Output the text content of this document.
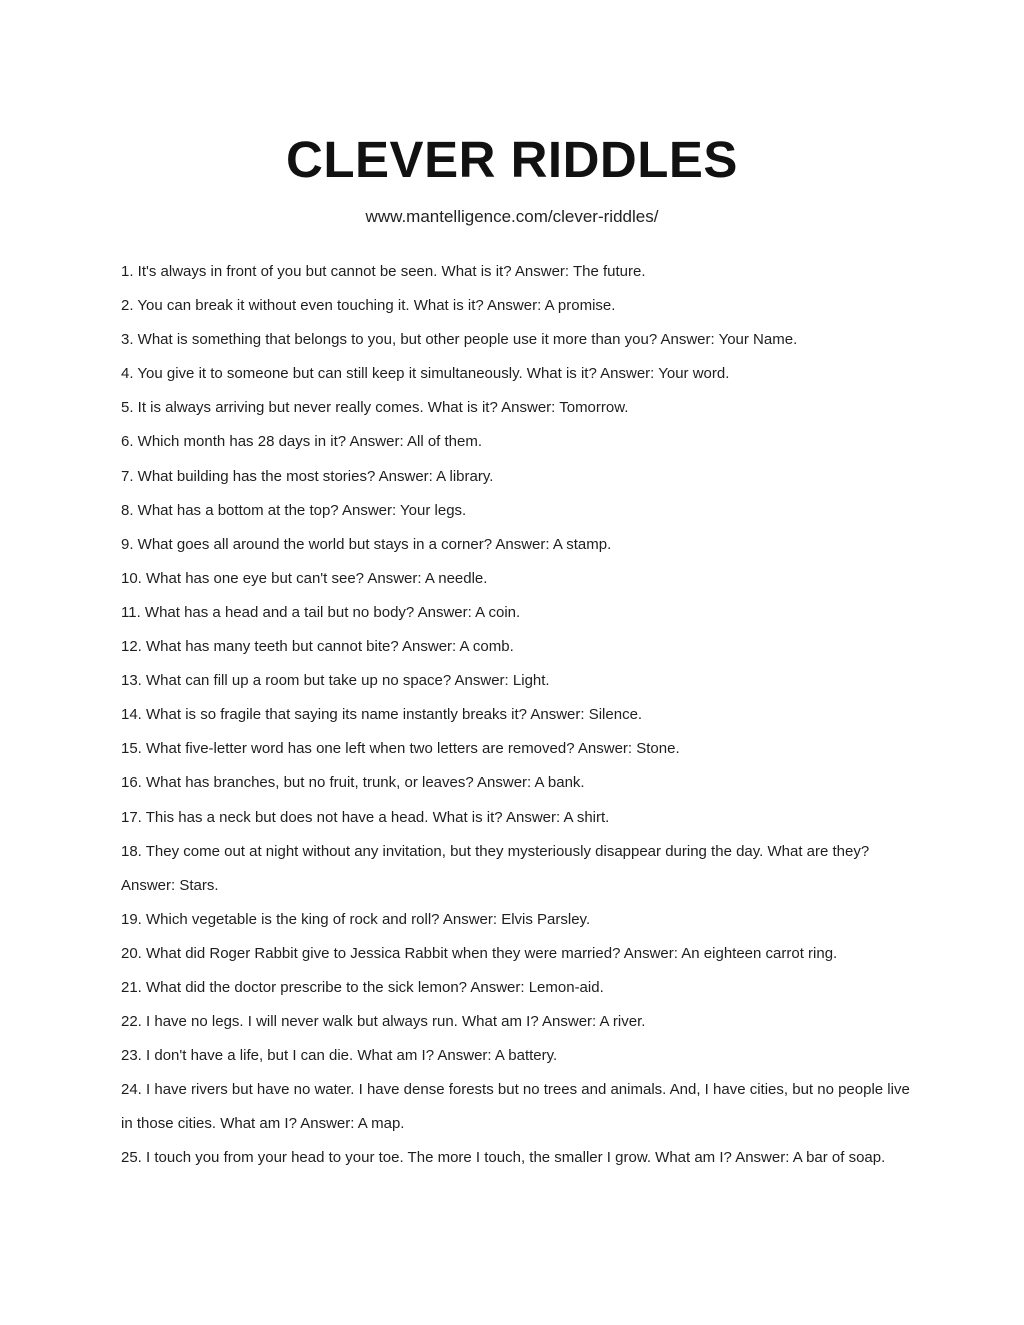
CLEVER RIDDLES
www.mantelligence.com/clever-riddles/
1. It's always in front of you but cannot be seen. What is it? Answer: The future.
2. You can break it without even touching it. What is it? Answer: A promise.
3. What is something that belongs to you, but other people use it more than you? Answer: Your Name.
4. You give it to someone but can still keep it simultaneously. What is it? Answer: Your word.
5. It is always arriving but never really comes. What is it? Answer: Tomorrow.
6. Which month has 28 days in it? Answer: All of them.
7. What building has the most stories? Answer: A library.
8. What has a bottom at the top? Answer: Your legs.
9. What goes all around the world but stays in a corner? Answer: A stamp.
10. What has one eye but can't see? Answer: A needle.
11. What has a head and a tail but no body? Answer: A coin.
12. What has many teeth but cannot bite? Answer: A comb.
13. What can fill up a room but take up no space? Answer: Light.
14. What is so fragile that saying its name instantly breaks it? Answer: Silence.
15. What five-letter word has one left when two letters are removed? Answer: Stone.
16. What has branches, but no fruit, trunk, or leaves? Answer: A bank.
17. This has a neck but does not have a head. What is it? Answer: A shirt.
18. They come out at night without any invitation, but they mysteriously disappear during the day. What are they? Answer: Stars.
19. Which vegetable is the king of rock and roll? Answer: Elvis Parsley.
20. What did Roger Rabbit give to Jessica Rabbit when they were married? Answer: An eighteen carrot ring.
21. What did the doctor prescribe to the sick lemon? Answer: Lemon-aid.
22. I have no legs. I will never walk but always run. What am I? Answer: A river.
23. I don't have a life, but I can die. What am I? Answer: A battery.
24. I have rivers but have no water. I have dense forests but no trees and animals. And, I have cities, but no people live in those cities. What am I? Answer: A map.
25. I touch you from your head to your toe. The more I touch, the smaller I grow. What am I? Answer: A bar of soap.
